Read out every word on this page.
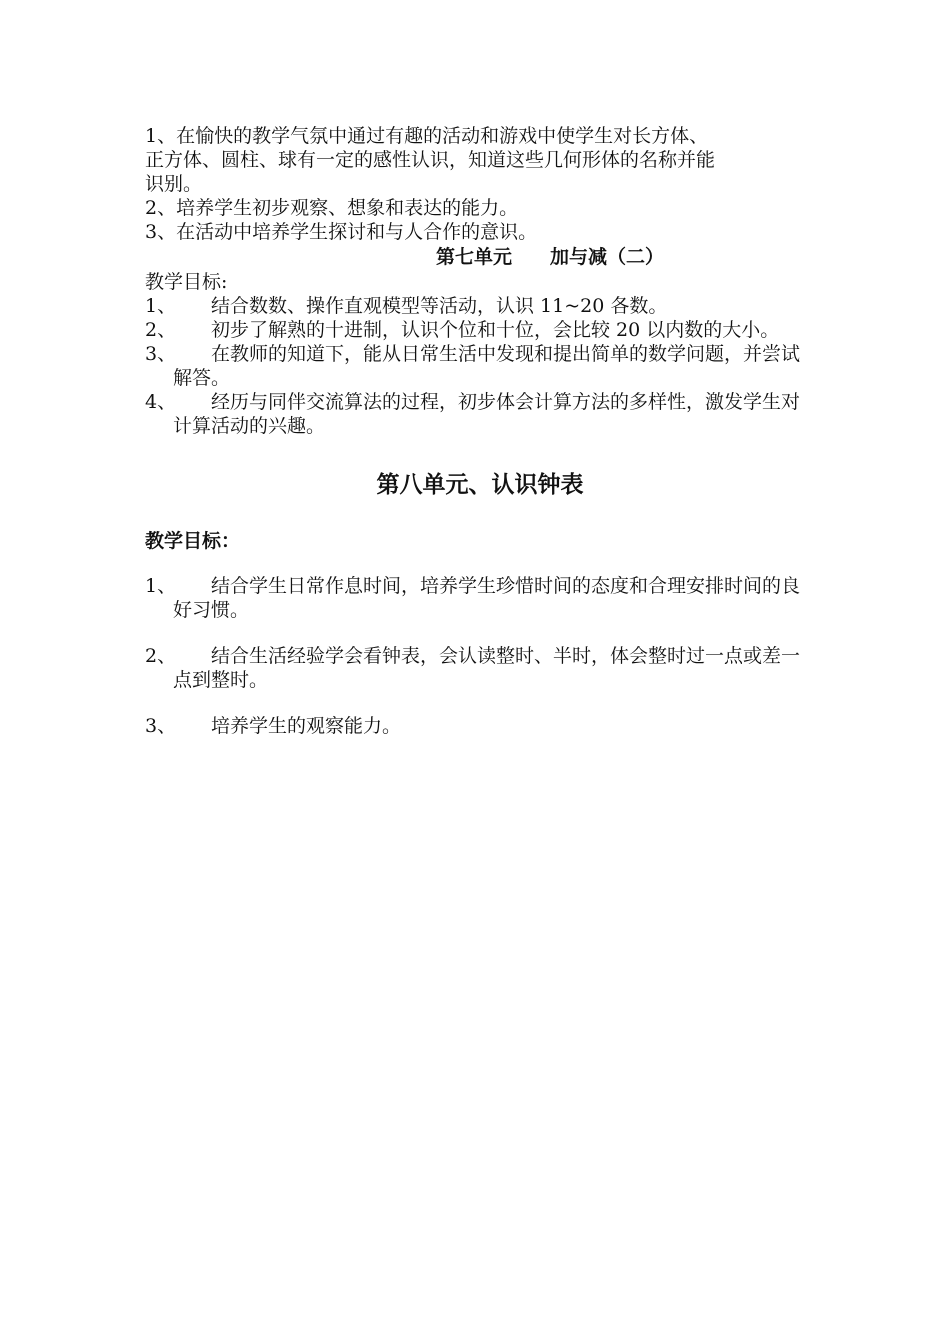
1、在愉快的教学气氛中通过有趣的活动和游戏中使学生对长方体、

正方体、圆柱、球有一定的感性认识，知道这些几何形体的名称并能

识别。

2、培养学生初步观察、想象和表达的能力。

3、在活动中培养学生探讨和与人合作的意识。

第七单元　　加与减（二）

教学目标:

1、	结合数数、操作直观模型等活动，认识 11~20 各数。
2、	初步了解熟的十进制，认识个位和十位，会比较 20 以内数的大小。
3、	在教师的知道下，能从日常生活中发现和提出简单的数学问题，并尝试解答。
4、	经历与同伴交流算法的过程，初步体会计算方法的多样性，激发学生对计算活动的兴趣。

第八单元、认识钟表

教学目标：

1、	结合学生日常作息时间，培养学生珍惜时间的态度和合理安排时间的良好习惯。
2、	结合生活经验学会看钟表，会认读整时、半时，体会整时过一点或差一点到整时。
3、	培养学生的观察能力。
